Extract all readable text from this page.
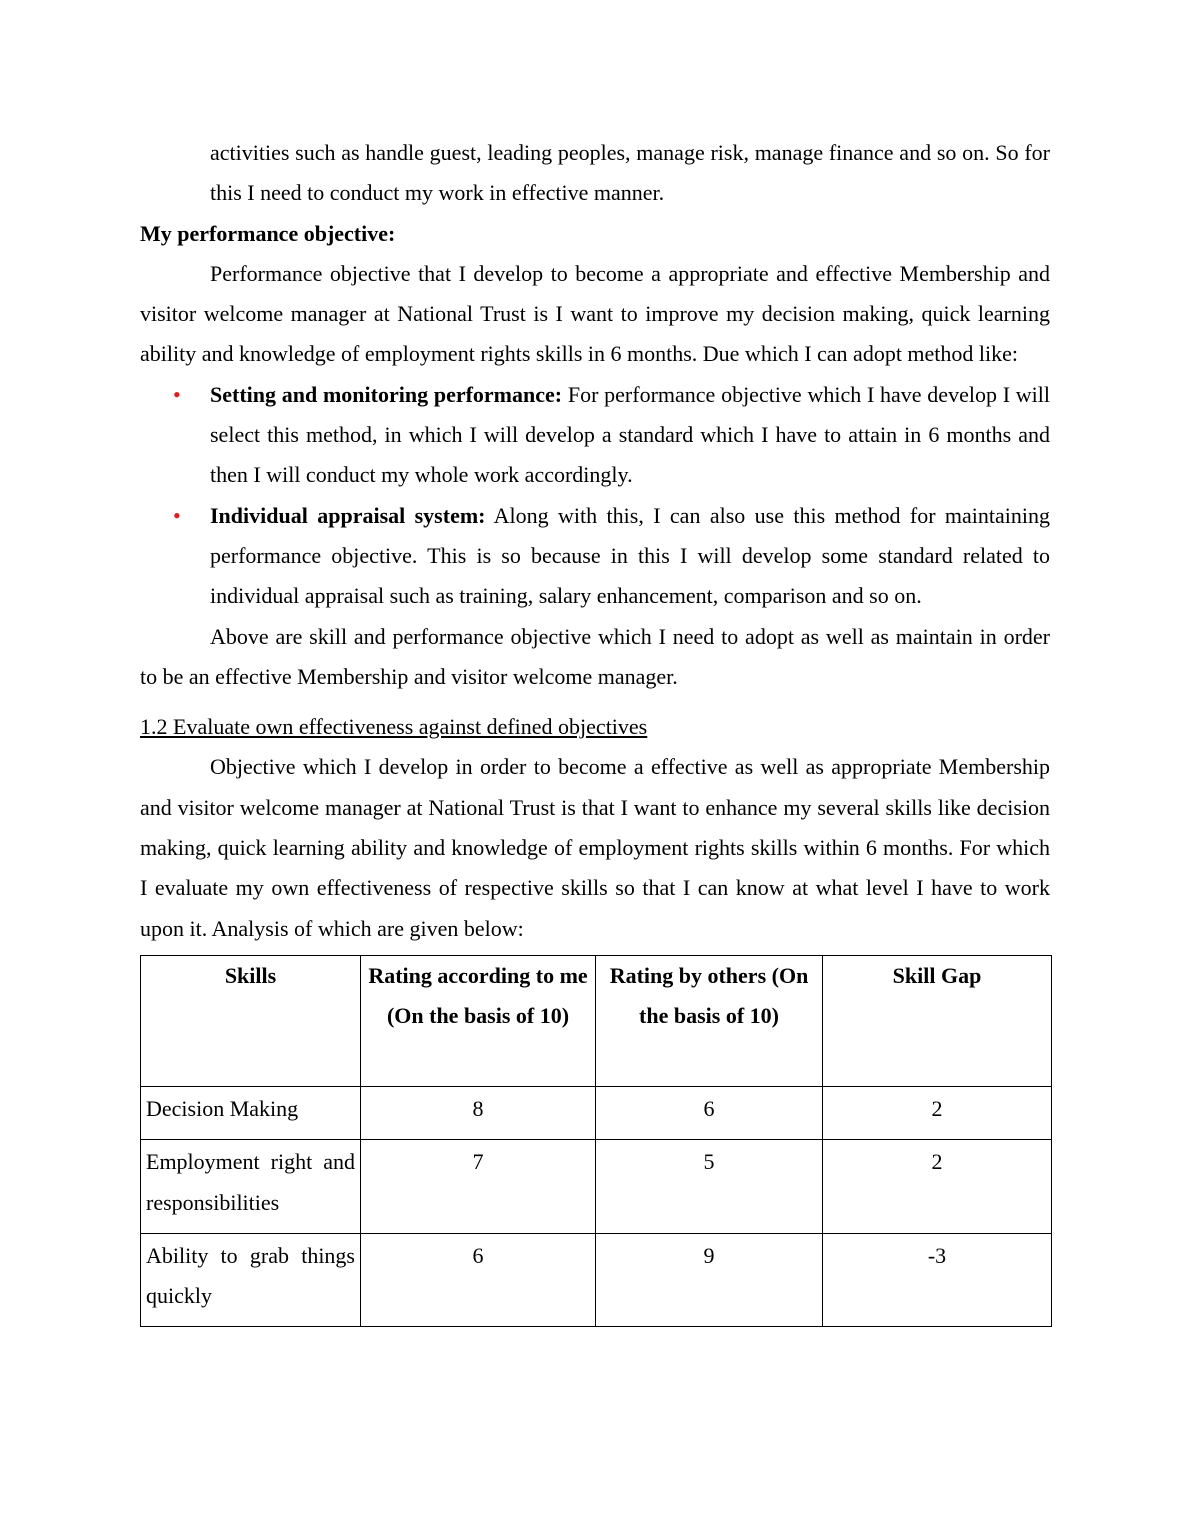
activities such as handle guest, leading peoples, manage risk, manage finance and so on. So for this I need to conduct my work in effective manner.

My performance objective:

Performance objective that I develop to become a appropriate and effective Membership and visitor welcome manager at National Trust is I want to improve my decision making, quick learning ability and knowledge of employment rights skills in 6 months. Due which I can adopt method like:

• Setting and monitoring performance: For performance objective which I have develop I will select this method, in which I will develop a standard which I have to attain in 6 months and then I will conduct my whole work accordingly.
• Individual appraisal system: Along with this, I can also use this method for maintaining performance objective. This is so because in this I will develop some standard related to individual appraisal such as training, salary enhancement, comparison and so on.

Above are skill and performance objective which I need to adopt as well as maintain in order to be an effective Membership and visitor welcome manager.

1.2 Evaluate own effectiveness against defined objectives

Objective which I develop in order to become a effective as well as appropriate Membership and visitor welcome manager at National Trust is that I want to enhance my several skills like decision making, quick learning ability and knowledge of employment rights skills within 6 months. For which I evaluate my own effectiveness of respective skills so that I can know at what level I have to work upon it. Analysis of which are given below:

Skills	Rating according to me (On the basis of 10)	Rating by others (On the basis of 10)	Skill Gap
Decision Making	8	6	2
Employment right and responsibilities	7	5	2
Ability to grab things quickly	6	9	-3
